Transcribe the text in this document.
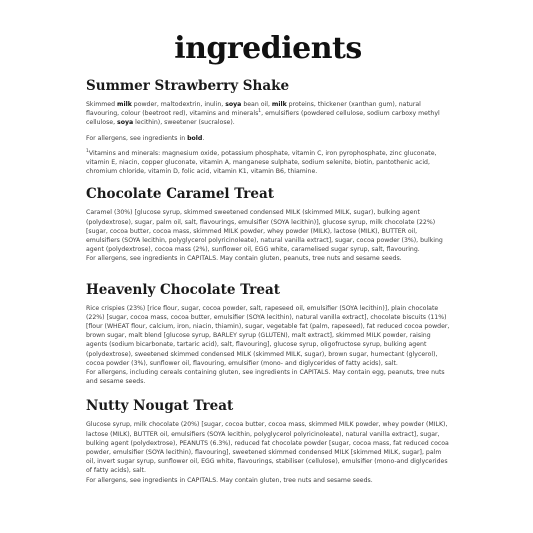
ingredients
Summer Strawberry Shake

Skimmed milk powder, maltodextrin, inulin, soya bean oil, milk proteins, thickener (xanthan gum), natural flavouring, colour (beetroot red), vitamins and minerals$^1$, emulsifiers (powdered cellulose, sodium carboxy methyl cellulose, soya lecithin), sweetener (sucralose).

For allergens, see ingredients in bold.

$^1$Vitamins and minerals: magnesium oxide, potassium phosphate, vitamin C, iron pyrophosphate, zinc gluconate, vitamin E, niacin, copper gluconate, vitamin A, manganese sulphate, sodium selenite, biotin, pantothenic acid, chromium chloride, vitamin D, folic acid, vitamin K1, vitamin B6, thiamine.

Chocolate Caramel Treat

Caramel (30%) [glucose syrup, skimmed sweetened condensed MILK (skimmed MILK, sugar), bulking agent (polydextrose), sugar, palm oil, salt, flavourings, emulsifier (SOYA lecithin)], glucose syrup, milk chocolate (22%) [sugar, cocoa butter, cocoa mass, skimmed MILK powder, whey powder (MILK), lactose (MILK), BUTTER oil, emulsifiers (SOYA lecithin, polyglycerol polyricinoleate), natural vanilla extract], sugar, cocoa powder (3%), bulking agent (polydextrose), cocoa mass (2%), sunflower oil, EGG white, caramelised sugar syrup, salt, flavouring.

For allergens, see ingredients in CAPITALS. May contain gluten, peanuts, tree nuts and sesame seeds.

Heavenly Chocolate Treat

Rice crispies (23%) [rice flour, sugar, cocoa powder, salt, rapeseed oil, emulsifier (SOYA lecithin)], plain chocolate (22%) [sugar, cocoa mass, cocoa butter, emulsifier (SOYA lecithin), natural vanilla extract], chocolate biscuits (11%) [flour (WHEAT flour, calcium, iron, niacin, thiamin), sugar, vegetable fat (palm, rapeseed), fat reduced cocoa powder, brown sugar, malt blend [glucose syrup, BARLEY syrup (GLUTEN), malt extract], skimmed MILK powder, raising agents (sodium bicarbonate, tartaric acid), salt, flavouring], glucose syrup, oligofructose syrup, bulking agent (polydextrose), sweetened skimmed condensed MILK (skimmed MILK, sugar), brown sugar, humectant (glycerol), cocoa powder (3%), sunflower oil, flavouring, emulsifier (mono- and diglycerides of fatty acids), salt.

For allergens, including cereals containing gluten, see ingredients in CAPITALS. May contain egg, peanuts, tree nuts and sesame seeds.

Nutty Nougat Treat

Glucose syrup, milk chocolate (20%) [sugar, cocoa butter, cocoa mass, skimmed MILK powder, whey powder (MILK), lactose (MILK), BUTTER oil, emulsifiers (SOYA lecithin, polyglycerol polyricinoleate), natural vanilla extract], sugar, bulking agent (polydextrose), PEANUTS (6.3%), reduced fat chocolate powder [sugar, cocoa mass, fat reduced cocoa powder, emulsifier (SOYA lecithin), flavouring], sweetened skimmed condensed MILK [skimmed MILK, sugar], palm oil, invert sugar syrup, sunflower oil, EGG white, flavourings, stabiliser (cellulose), emulsifier (mono-and diglycerides of fatty acids), salt.

For allergens, see ingredients in CAPITALS. May contain gluten, tree nuts and sesame seeds.
